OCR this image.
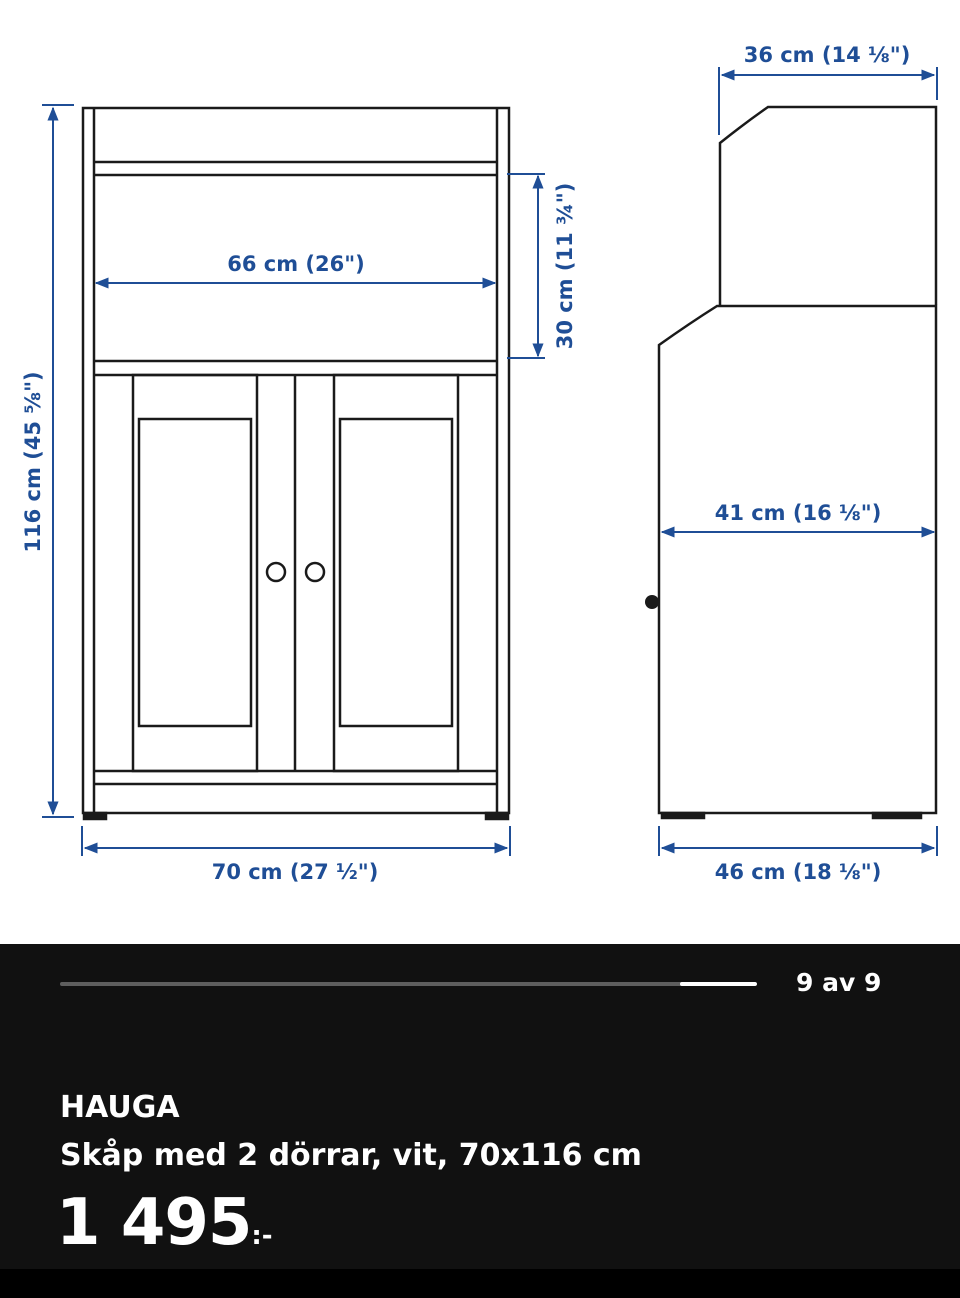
66 cm (26")	30 cm (11 ¾")
116 cm (45 ⅝")
70 cm (27 ½")
36 cm (14 ⅛")
41 cm (16 ⅛")
46 cm (18 ⅛")
9 av 9
HAUGA
Skåp med 2 dörrar, vit, 70x116 cm
1 495:-
